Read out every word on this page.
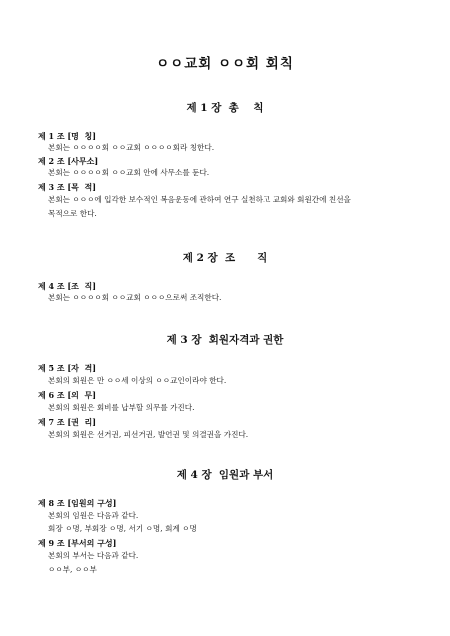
ㅇㅇ교회 ㅇㅇ회 회칙
제 1 장  총    칙
제 1 조 [명  칭]
본회는 ㅇㅇㅇㅇ회 ㅇㅇ교회 ㅇㅇㅇㅇ회라 칭한다.
제 2 조 [사무소]
본회는 ㅇㅇㅇㅇ회 ㅇㅇ교회 안에 사무소를 둔다.
제 3 조 [목  적]
본회는 ㅇㅇㅇ에 입각한 보수적인 복음운동에 관하여 연구 실천하고 교회와 회원간에 친선을
목적으로 한다.
제 2 장  조      직
제 4 조 [조  직]
본회는 ㅇㅇㅇㅇ회 ㅇㅇ교회 ㅇㅇㅇ으로써 조직한다.
제 3 장  회원자격과 권한
제 5 조 [자  격]
본회의 회원은 만 ㅇㅇ세 이상의 ㅇㅇ교인이라야 한다.
제 6 조 [의  무]
본회의 회원은 회비를 납부할 의무를 가진다.
제 7 조 [권  리]
본회의 회원은 선거권, 피선거권, 발언권 및 의결권을 가진다.
제 4 장  임원과 부서
제 8 조 [임원의 구성]
본회의 임원은 다음과 같다.
회장 ㅇ명, 부회장 ㅇ명, 서기 ㅇ명, 회계 ㅇ명
제 9 조 [부서의 구성]
본회의 부서는 다음과 같다.
ㅇㅇ부, ㅇㅇ부
